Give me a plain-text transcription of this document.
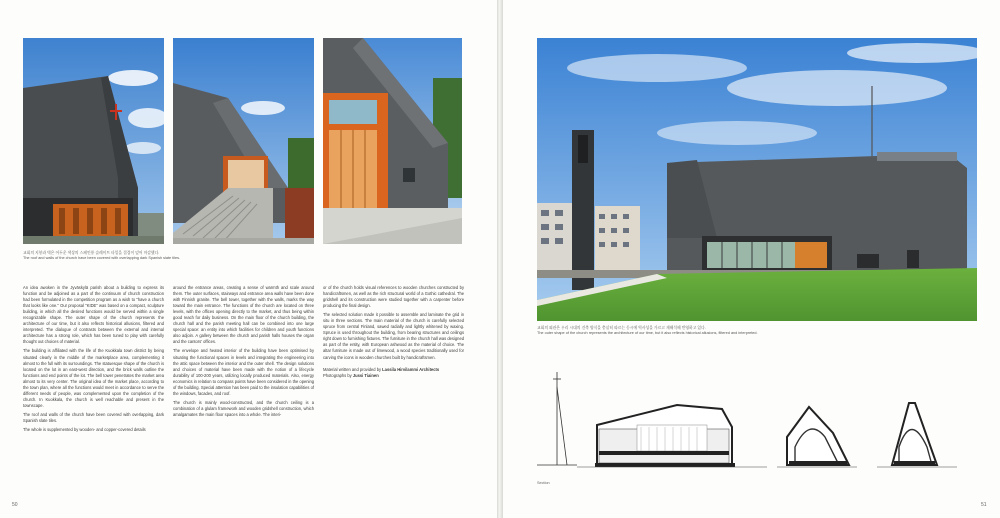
교회의 지붕과 벽은 어두운 색상의 스페인풍 슬레이트 타일을 겹겹이 덮어 마감했다.
The roof and walls of the church have been covered with overlapping dark Spanish slate tiles.

An idea awoken in the Jyväskylä parish about a building to express its function and be adjoined as a part of the continuum of church construction had been formulated in the competition program as a wish to "have a church that looks like one." Our proposal "KIDE" was based on a compact, sculpture building, in which all the desired functions would be served within a single recognizable shape. The outer shape of the church represents the architecture of our time, but it also reflects historical allusions, filtered and interpreted. The dialogue of contrasts between the external and internal architecture has a strong role, which has been tuned to play with carefully thought out choices of material.

The building is affiliated with the life of the Kuokkala town district by being situated clearly in the middle of the marketplace area, complementing it almost to the full with its surroundings. The statuesque shape of the church is located on the lot in an east-west direction, and the brick walls outline the functions and end points of the lot. The bell tower penetrates the market area almost to its very center. The original idea of the market place, according to the town plan, where all the functions would meet in accordance to serve the different needs of people, was complemented upon the completion of the church. In Kuokkala, the church is well reachable and present in the townscape.

The roof and walls of the church have been covered with overlapping, dark Spanish slate tiles.

The whole is supplemented by wooden- and copper-covered details

around the entrance areas, creating a sense of warmth and scale around them. The outer surfaces, stairways and entrance area walls have been done with Finnish granite. The bell tower, together with the walls, marks the way toward the main entrance. The functions of the church are located on three levels, with the offices opening directly to the market, and thus being within good reach for daily business. On the main floor of the church building, the church hall and the parish meeting hall can be combined into one large special space: an entity into which facilities for children and youth functions also adjoin. A gallery between the church and parish halls houses the organ and the cantors' offices.

The envelope and heated interior of the building have been optimised by situating the functional spaces in levels and integrating the engineering into the attic space between the interior and the outer shell. The design solutions and choices of material have been made with the notion of a lifecycle durability of 100-200 years, utilizing locally produced materials. Also, energy economics in relation to compass points have been considered in the opening of the building. Special attention has been paid to the insulation capabilities of the windows, facades, and roof.

The church is mainly wood-constructed, and the church ceiling is a combination of a glulam framework and wooden gridshell construction, which amalgamates the main floor spaces into a whole. The interi-

or of the church holds visual references to wooden churches constructed by handicraftsmen, as well as the rich structural world of a Gothic cathedral. The gridshell and its construction were studied together with a carpenter before producing the final design.

The selected solution made it possible to assemble and laminate the grid in situ in three sections. The main material of the church is carefully selected spruce from central Finland, sawed radially and lightly whitened by waxing. Spruce is used throughout the building, from bearing structures and ceilings right down to furnishing fixtures. The furniture in the church hall was designed as part of the entity, with European ashwood as the material of choice. The altar furniture is made out of limewood, a wood species traditionally used for carving the icons in wooden churches built by handicraftsmen.

Material written and provided by Lassila Hirvilammi Architects

Photographs by Jussi Tiainen

50	51
교회의 외관은 우리 시대의 건축 양식을 충실히 따르는 동시에 역사성을 가르고 재해석해 반영하고 있다.
The outer shape of the church represents the architecture of our time, but it also reflects historical allusions, filtered and interpreted.
Section
